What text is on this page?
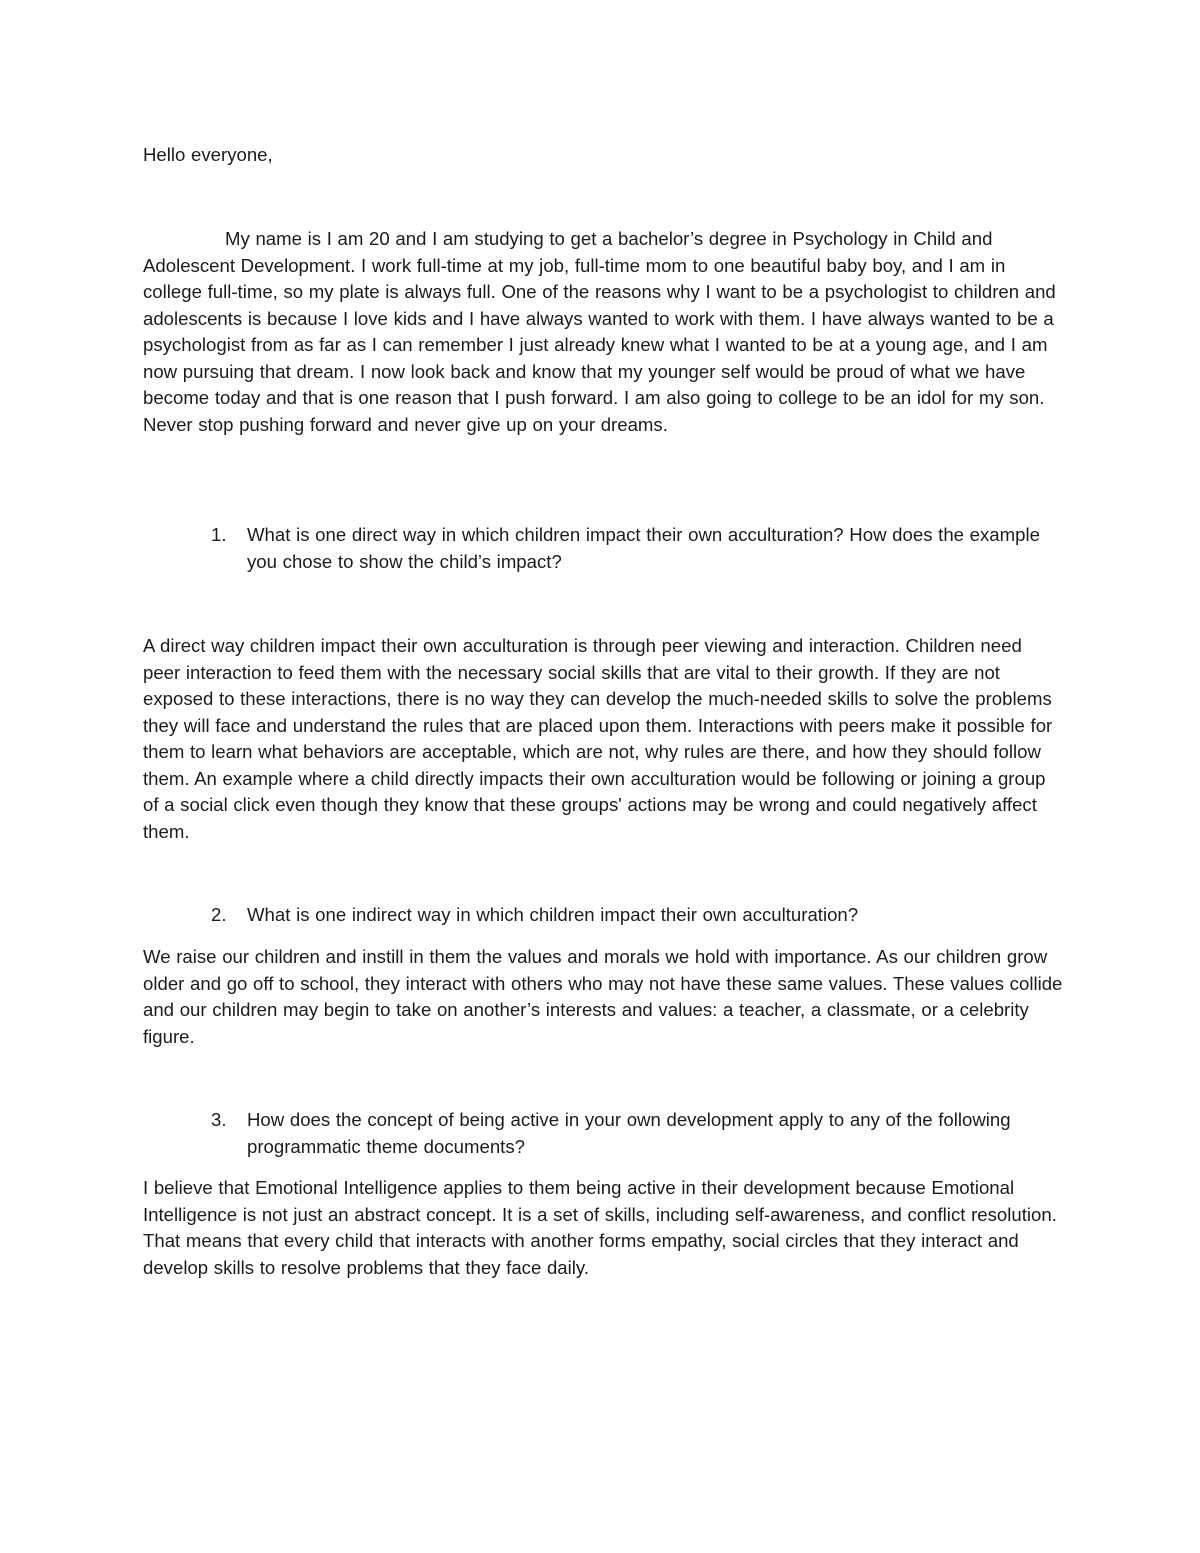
Hello everyone,

My name is I am 20 and I am studying to get a bachelor’s degree in Psychology in Child and Adolescent Development. I work full-time at my job, full-time mom to one beautiful baby boy, and I am in college full-time, so my plate is always full. One of the reasons why I want to be a psychologist to children and adolescents is because I love kids and I have always wanted to work with them. I have always wanted to be a psychologist from as far as I can remember I just already knew what I wanted to be at a young age, and I am now pursuing that dream. I now look back and know that my younger self would be proud of what we have become today and that is one reason that I push forward. I am also going to college to be an idol for my son. Never stop pushing forward and never give up on your dreams.

1. What is one direct way in which children impact their own acculturation? How does the example you chose to show the child’s impact?

A direct way children impact their own acculturation is through peer viewing and interaction. Children need peer interaction to feed them with the necessary social skills that are vital to their growth. If they are not exposed to these interactions, there is no way they can develop the much-needed skills to solve the problems they will face and understand the rules that are placed upon them. Interactions with peers make it possible for them to learn what behaviors are acceptable, which are not, why rules are there, and how they should follow them. An example where a child directly impacts their own acculturation would be following or joining a group of a social click even though they know that these groups' actions may be wrong and could negatively affect them.

2. What is one indirect way in which children impact their own acculturation?

We raise our children and instill in them the values and morals we hold with importance. As our children grow older and go off to school, they interact with others who may not have these same values. These values collide and our children may begin to take on another’s interests and values: a teacher, a classmate, or a celebrity figure.

3. How does the concept of being active in your own development apply to any of the following programmatic theme documents?

I believe that Emotional Intelligence applies to them being active in their development because Emotional Intelligence is not just an abstract concept. It is a set of skills, including self-awareness, and conflict resolution. That means that every child that interacts with another forms empathy, social circles that they interact and develop skills to resolve problems that they face daily.
